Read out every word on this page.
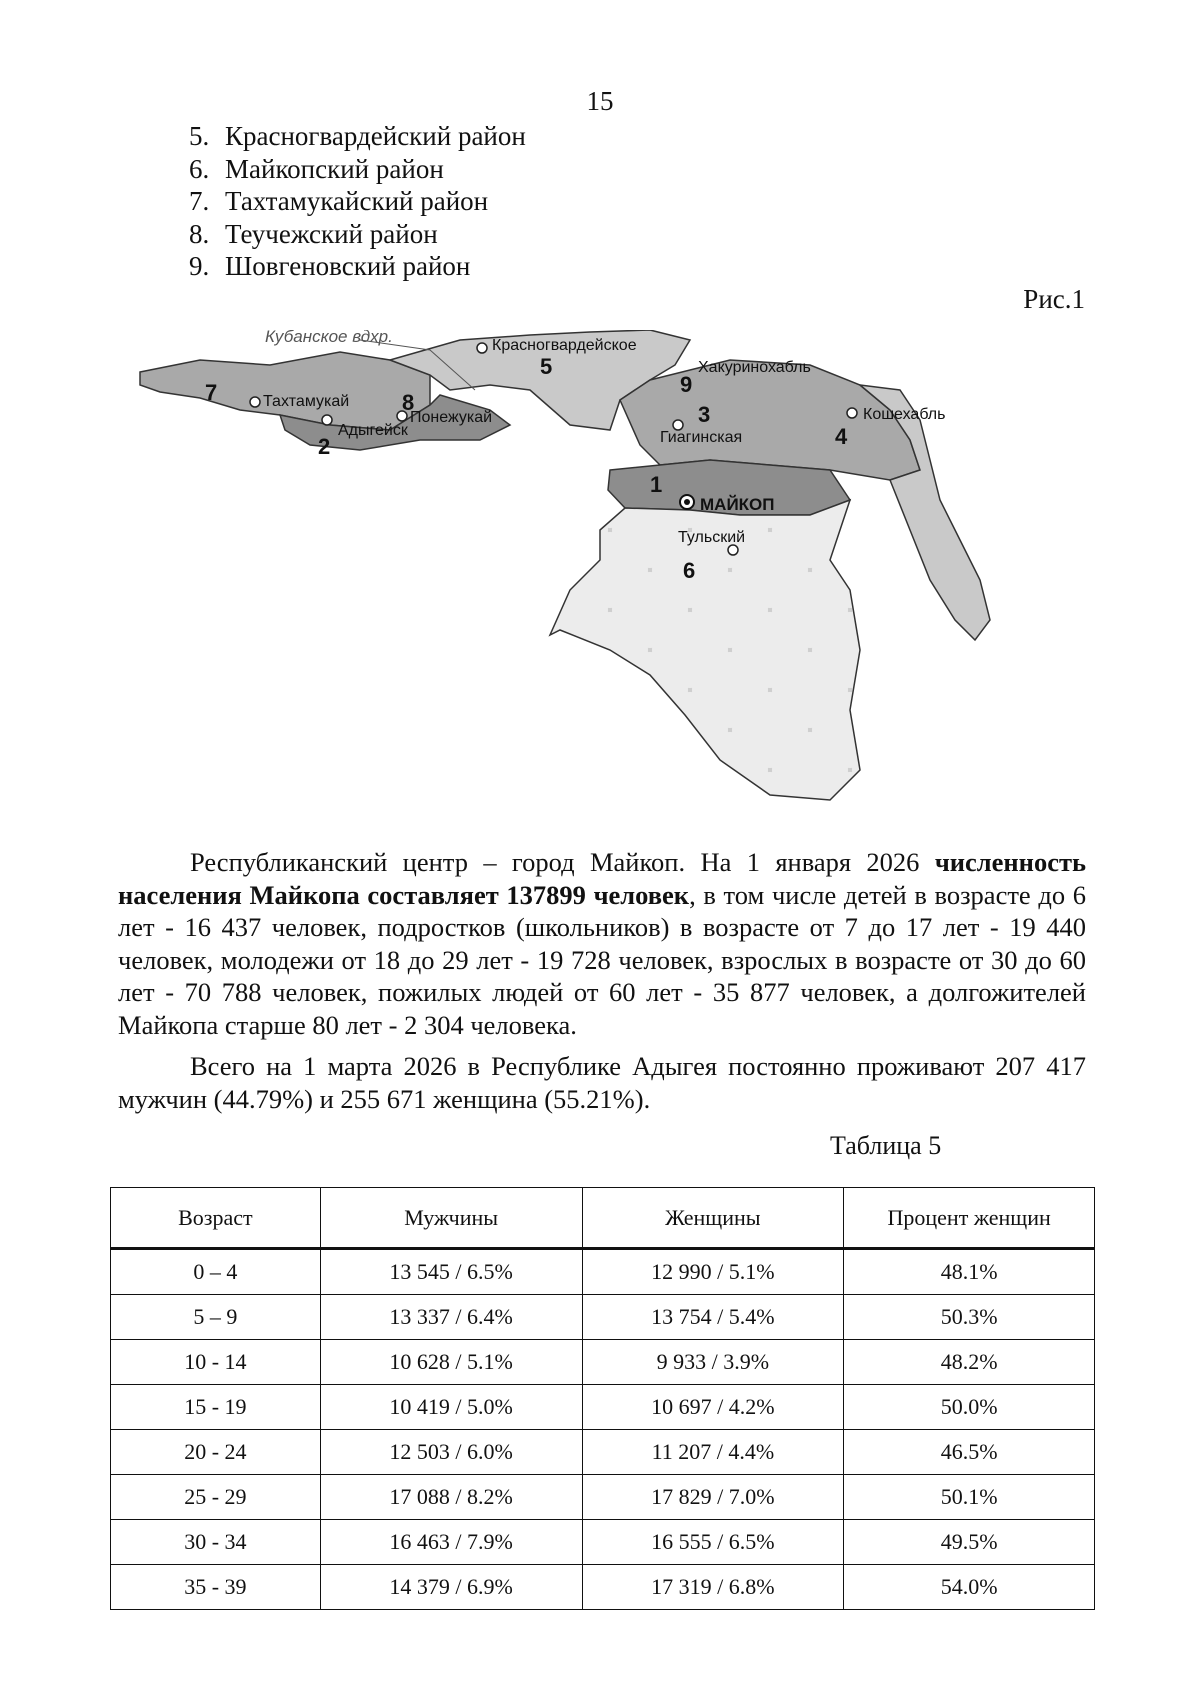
15
5. Красногвардейский район
6. Майкопский район
7. Тахтамукайский район
8. Теучежский район
9. Шовгеновский район
Рис.1
Кубанское вдхр.	Красногвардейское
Хакуринохабль
Кошехабль
Тахтамукай
Понежукай
Адыгейск	Гиагинская
МАЙКОП
Тульский
1
2
3
4
5
6
7	8
9

Республиканский центр – город Майкоп. На 1 января 2026 численность населения Майкопа составляет 137899 человек, в том числе детей в возрасте до 6 лет - 16 437 человек, подростков (школьников) в возрасте от 7 до 17 лет - 19 440 человек, молодежи от 18 до 29 лет - 19 728 человек, взрослых в возрасте от 30 до 60 лет - 70 788 человек, пожилых людей от 60 лет - 35 877 человек, а долгожителей Майкопа старше 80 лет - 2 304 человека.

Всего на 1 марта 2026 в Республике Адыгея постоянно проживают 207 417 мужчин (44.79%) и 255 671 женщина (55.21%).

Таблица 5
Возраст	Мужчины	Женщины	Процент женщин
0 – 4	13 545 / 6.5%	12 990 / 5.1%	48.1%
5 – 9	13 337 / 6.4%	13 754 / 5.4%	50.3%
10 - 14	10 628 / 5.1%	9 933 / 3.9%	48.2%
15 - 19	10 419 / 5.0%	10 697 / 4.2%	50.0%
20 - 24	12 503 / 6.0%	11 207 / 4.4%	46.5%
25 - 29	17 088 / 8.2%	17 829 / 7.0%	50.1%
30 - 34	16 463 / 7.9%	16 555 / 6.5%	49.5%
35 - 39	14 379 / 6.9%	17 319 / 6.8%	54.0%
